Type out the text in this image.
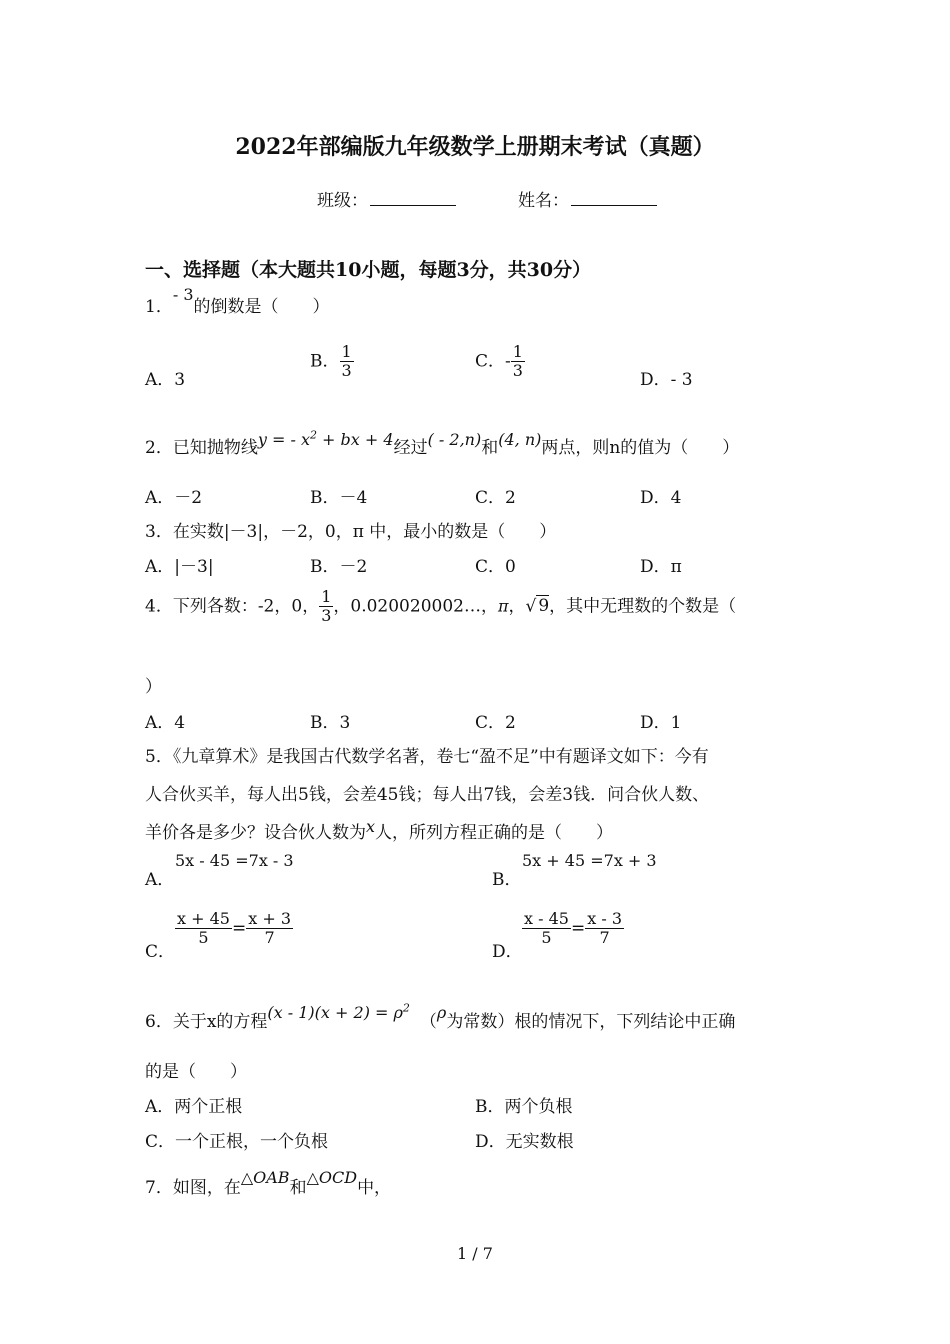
2022年部编版九年级数学上册期末考试（真题）
班级：	姓名：
一、选择题（本大题共10小题，每题3分，共30分）
1．- 3的倒数是（　　）
A．3
B． $\frac{1}{3}$	C．- $\frac{1}{3}$	D．- 3
2．已知抛物线y = - $x^2$ + bx + 4经过( - 2,n)和(4, n)两点，则n的值为（　　）
A．－2	B．－4	C．2	D．4
3．在实数|－3|，－2，0，π 中，最小的数是（　　）
A．|－3|	B．－2	C．0	D．π
4．下列各数：-2，0， $\frac{1}{3}$ ，0.020020002…，π，√ 9，其中无理数的个数是（
）
A．4	B．3	C．2	D．1
5．《九章算术》是我国古代数学名著，卷七“盈不足”中有题译文如下：今有
人合伙买羊，每人出5钱，会差45钱；每人出7钱，会差3钱．问合伙人数、
羊价各是多少？设合伙人数为x人，所列方程正确的是（　　）
A．
5x - 45 =7x - 3
B．
5x + 45 =7x + 3
C．
$\frac{x + 45}{5} = \frac{x + 3}{7}$
D．
$\frac{x - 45}{5} = \frac{x - 3}{7}$
6．关于x的方程$(x - 1)(x + 2) = \rho^2(\rho$为常数）根的情况下，下列结论中正确
的是（　　）
A．两个正根	B．两个负根
C．一个正根，一个负根	D．无实数根
7．如图，在△OAB和△OCD中，
1 / 7
